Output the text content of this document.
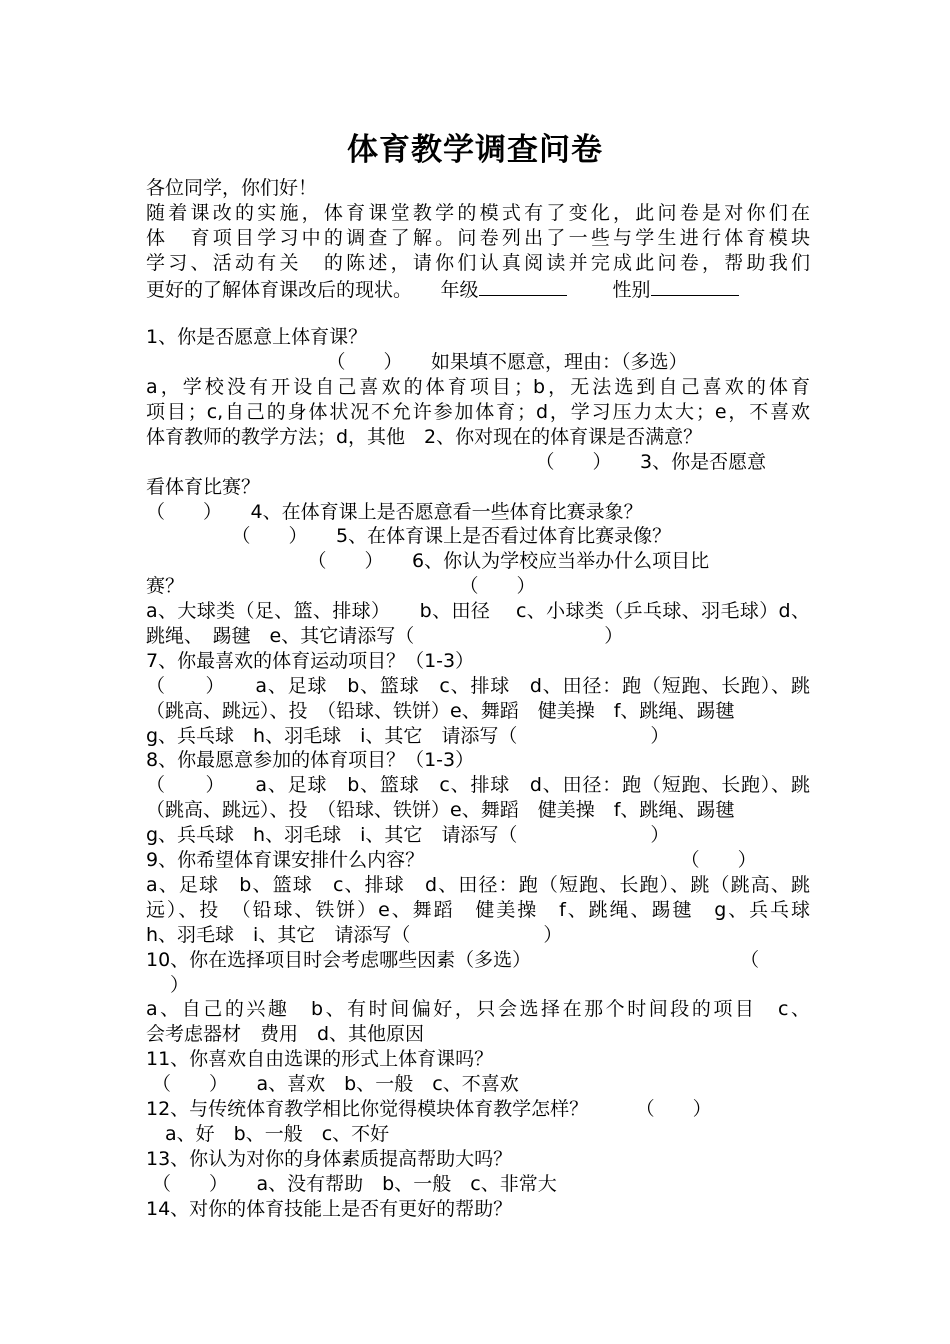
体育教学调查问卷
各位同学，你们好！
随着课改的实施，体育课堂教学的模式有了变化，此问卷是对你们在
体　育项目学习中的调查了解。问卷列出了一些与学生进行体育模块
学习、活动有关　的陈述，请你们认真阅读并完成此问卷，帮助我们
更好的了解体育课改后的现状。　　年级	性别
1、你是否愿意上体育课？
　　　　　　　　　　（　　）　　如果填不愿意，理由：（多选）
a，学校没有开设自己喜欢的体育项目；b，无法选到自己喜欢的体育
项目；c,自己的身体状况不允许参加体育；d，学习压力太大；e，不喜欢
体育教师的教学方法；d，其他　2、你对现在的体育课是否满意？
　　　　　　　　　　　　　　　　　　　　　（　　）　　3、你是否愿意
看体育比赛？
（　　）　　4、在体育课上是否愿意看一些体育比赛录象？
　　　　　（　　）　　5、在体育课上是否看过体育比赛录像？
　　　　　　　　　（　　）　　6、你认为学校应当举办什么项目比
赛？　　　　　　　　　　　　　　　（　　）
a、大球类（足、篮、排球）　　b、田径　 c、小球类（乒乓球、羽毛球）d、
跳绳、　踢毽　e、其它请添写（　　　　　　　　　　）
7、你最喜欢的体育运动项目？（1-3）
（　　）　　a、足球　b、篮球　c、排球　d、田径：跑（短跑、长跑）、跳
（跳高、跳远）、投　（铅球、铁饼）e、舞蹈　健美操　f、跳绳、踢毽
g、兵乓球　h、羽毛球　i、其它　请添写（　　　　　　　）
8、你最愿意参加的体育项目？（1-3）
（　　）　　a、足球　b、篮球　c、排球　d、田径：跑（短跑、长跑）、跳
（跳高、跳远）、投　（铅球、铁饼）e、舞蹈　健美操　f、跳绳、踢毽
g、兵乓球　h、羽毛球　i、其它　请添写（　　　　　　　）
9、你希望体育课安排什么内容？　　　　　　　　　　　　　　（　　）
a、足球　b、篮球　c、排球　d、田径：跑（短跑、长跑）、跳（跳高、跳
远）、投　（铅球、铁饼）e、舞蹈　健美操　f、跳绳、踢毽　g、兵乓球
h、羽毛球　i、其它　请添写（　　　　　　　）
10、你在选择项目时会考虑哪些因素（多选）　　　　　　　　　　　　（
）
a、自己的兴趣　b、有时间偏好，只会选择在那个时间段的项目　c、
会考虑器材　费用　d、其他原因
11、你喜欢自由选课的形式上体育课吗？
（　　）　　a、喜欢　b、一般　c、不喜欢
12、与传统体育教学相比你觉得模块体育教学怎样？　　　（　　）
　a、好　b、一般　c、不好
13、你认为对你的身体素质提高帮助大吗？
（　　）　　a、没有帮助　b、一般　c、非常大
14、对你的体育技能上是否有更好的帮助？
